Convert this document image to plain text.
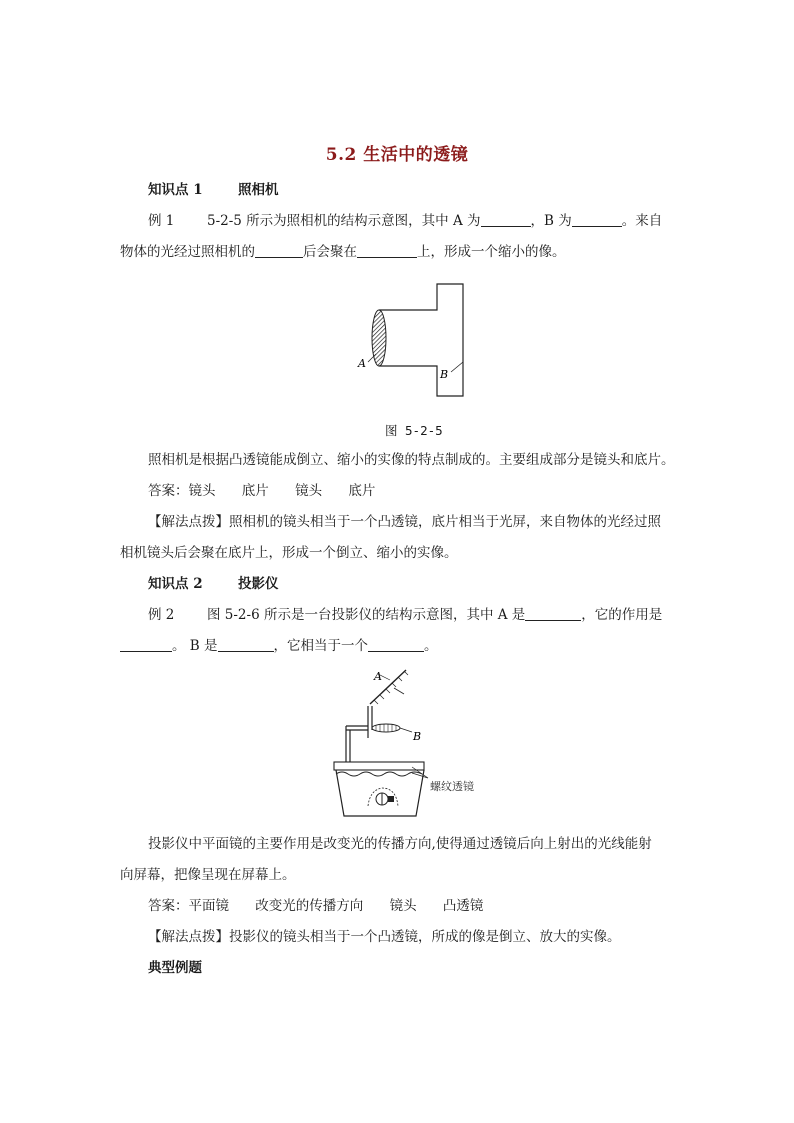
5.2 生活中的透镜
知识点 1	照相机
例 1 5-2-5 所示为照相机的结构示意图，其中 A 为	，B 为	。来自
物体的光经过照相机的	后会聚在	上，形成一个缩小的像。
A
B
图 5-2-5
照相机是根据凸透镜能成倒立、缩小的实像的特点制成的。主要组成部分是镜头和底片。
答案：镜头 底片 镜头 底片
【解法点拨】照相机的镜头相当于一个凸透镜，底片相当于光屏，来自物体的光经过照
相机镜头后会聚在底片上，形成一个倒立、缩小的实像。
知识点 2	投影仪
例 2 图 5-2-6 所示是一台投影仪的结构示意图，其中 A 是	，它的作用是
。 B 是	，它相当于一个	。
A
B
螺纹透镜
投影仪中平面镜的主要作用是改变光的传播方向,使得通过透镜后向上射出的光线能射
向屏幕，把像呈现在屏幕上。
答案：平面镜 改变光的传播方向 镜头 凸透镜
【解法点拨】投影仪的镜头相当于一个凸透镜，所成的像是倒立、放大的实像。
典型例题
